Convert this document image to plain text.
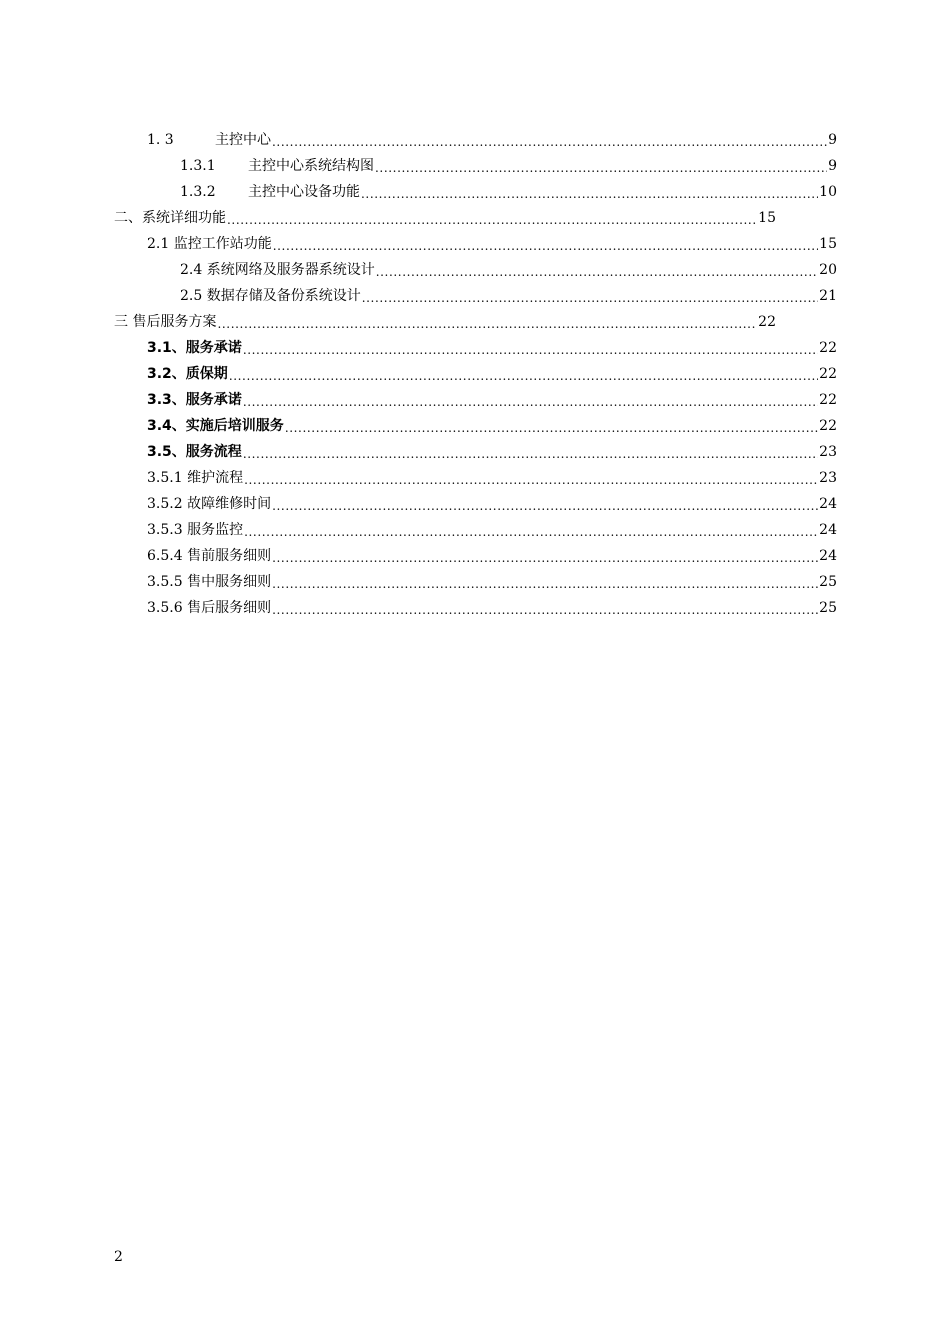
1. 3	主控中心 .....	9
1.3.1	主控中心系统结构图 .....	9
1.3.2	主控中心设备功能 .....	10
二、系统详细功能 .....	15
2.1 监控工作站功能 .....	15
2.4 系统网络及服务器系统设计 .....	20
2.5 数据存储及备份系统设计 .....	21
三 售后服务方案 .....	22
3.1、服务承诺 .....	22
3.2、质保期 .....	22
3.3、服务承诺 .....	22
3.4、实施后培训服务 .....	22
3.5、服务流程 .....	23
3.5.1 维护流程 .....	23
3.5.2 故障维修时间 .....	24
3.5.3 服务监控 .....	24
6.5.4 售前服务细则 .....	24
3.5.5 售中服务细则 .....	25
3.5.6 售后服务细则 .....	25
2
